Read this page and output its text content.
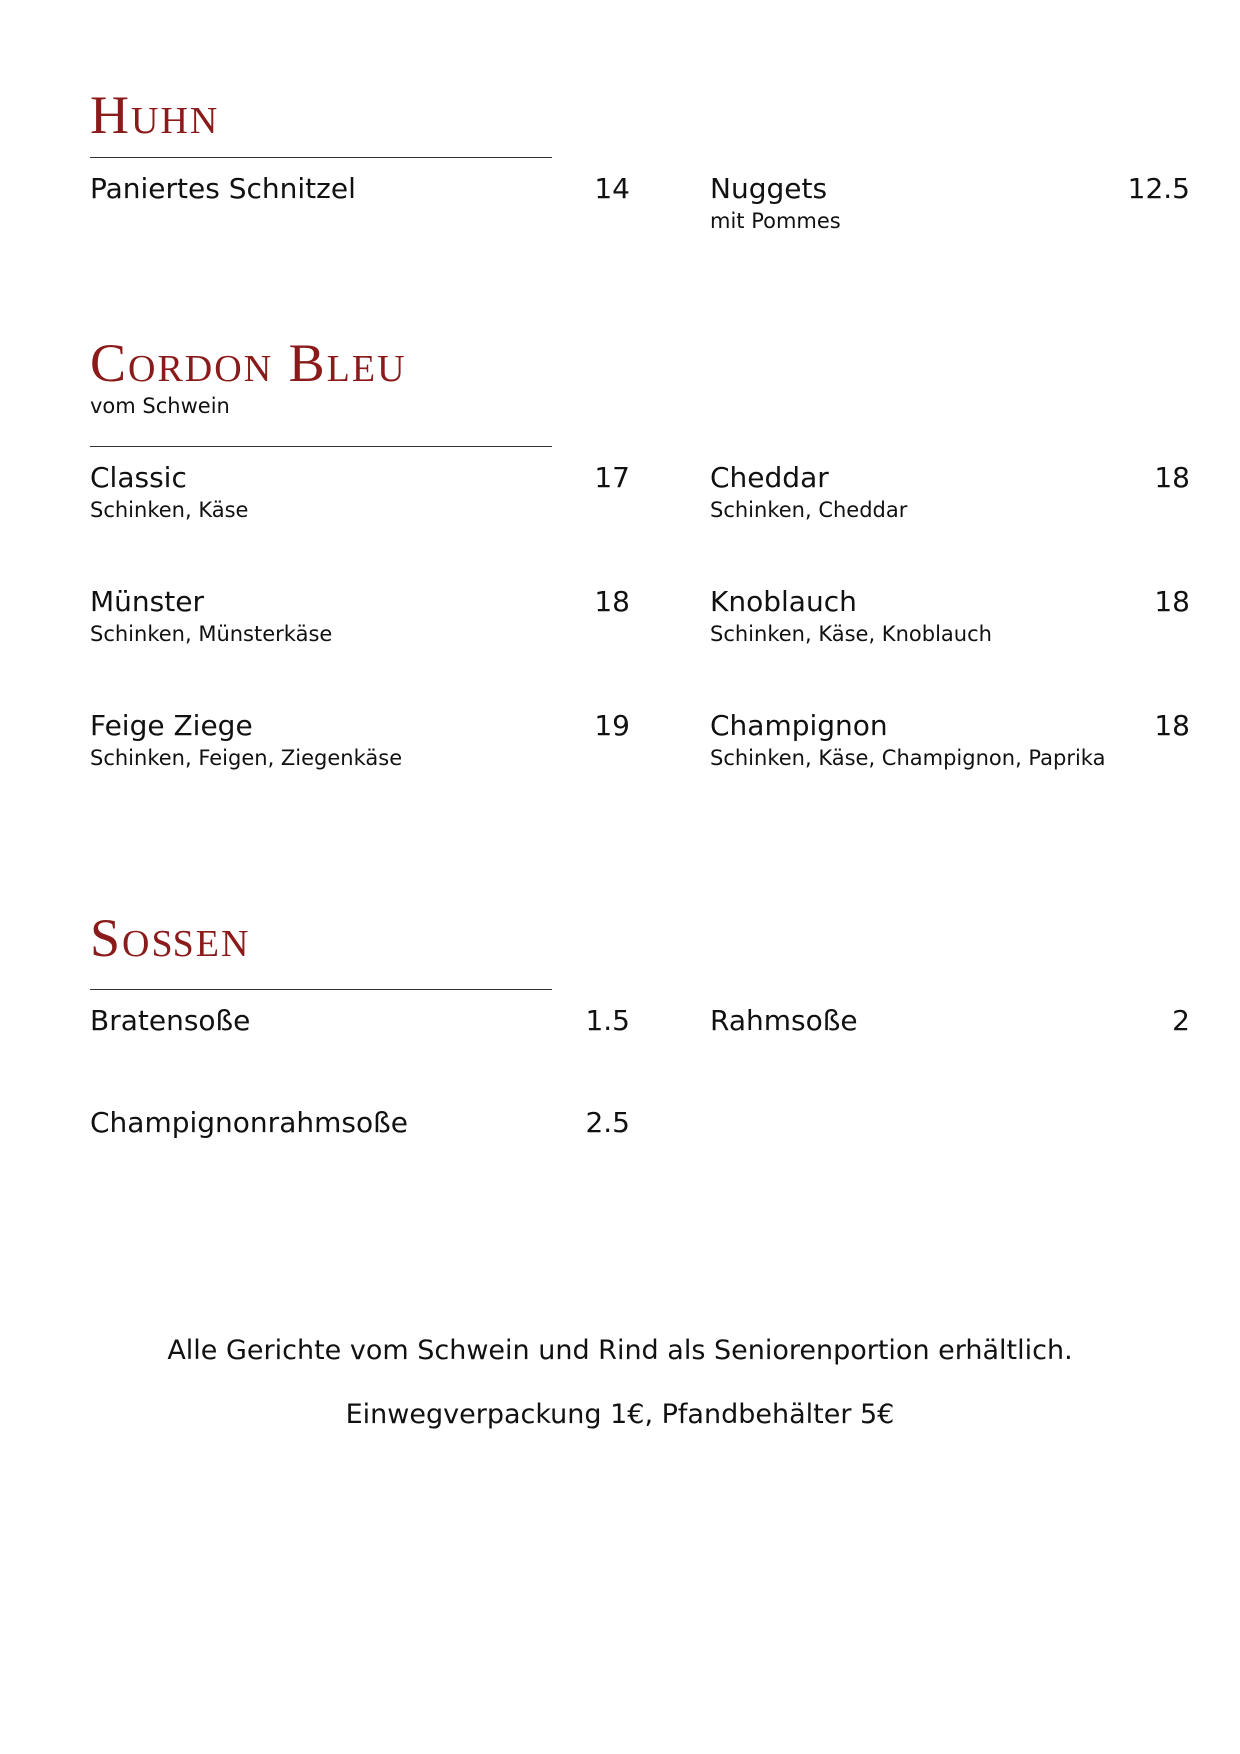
Huhn
Paniertes Schnitzel	14	Nuggets	12.5
mit Pommes
Cordon Bleu
vom Schwein
Classic	17
Schinken, Käse
Cheddar	18
Schinken, Cheddar
Münster	18
Schinken, Münsterkäse
Knoblauch	18
Schinken, Käse, Knoblauch
Feige Ziege	19
Schinken, Feigen, Ziegenkäse
Champignon	18
Schinken, Käse, Champignon, Paprika
Soßen
Bratensoße	1.5	Rahmsoße	2
Champignonrahmsoße	2.5
Alle Gerichte vom Schwein und Rind als Seniorenportion erhältlich.
Einwegverpackung 1€, Pfandbehälter 5€
